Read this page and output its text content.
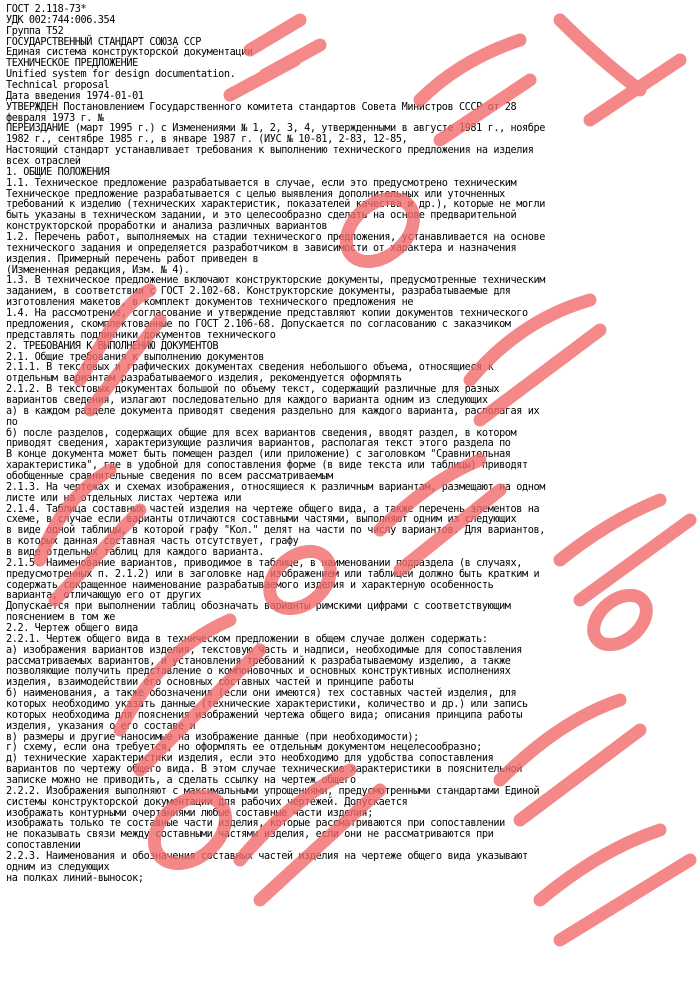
ГОСТ 2.118-73*
УДК 002:744:006.354
Группа Т52
ГОСУДАРСТВЕННЫЙ СТАНДАРТ СОЮЗА ССР
Единая система конструкторской документации
ТЕХНИЧЕСКОЕ ПРЕДЛОЖЕНИЕ
Unified system for design documentation.
Technical proposal
Дата введения 1974-01-01
УТВЕРЖДЕН Постановлением Государственного комитета стандартов Совета Министров СССР от 28
февраля 1973 г. №
ПЕРЕИЗДАНИЕ (март 1995 г.) с Изменениями № 1, 2, 3, 4, утвержденными в августе 1981 г., ноябре
1982 г., сентябре 1985 г., в январе 1987 г. (ИУС № 10-81, 2-83, 12-85,
Настоящий стандарт устанавливает требования к выполнению технического предложения на изделия
всех отраслей
1. ОБЩИЕ ПОЛОЖЕНИЯ
1.1. Техническое предложение разрабатывается в случае, если это предусмотрено техническим
Техническое предложение разрабатывается с целью выявления дополнительных или уточненных
требований к изделию (технических характеристик, показателей качества и др.), которые не могли
быть указаны в техническом задании, и это целесообразно сделать на основе предварительной
конструкторской проработки и анализа различных вариантов
1.2. Перечень работ, выполняемых на стадии технического предложения, устанавливается на основе
технического задания и определяется разработчиком в зависимости от характера и назначения
изделия. Примерный перечень работ приведен в
(Измененная редакция, Изм. № 4).
1.3. В техническое предложение включают конструкторские документы, предусмотренные техническим
заданием, в соответствии с ГОСТ 2.102-68. Конструкторские документы, разрабатываемые для
изготовления макетов, в комплект документов технического предложения не
1.4. На рассмотрение, согласование и утверждение представляют копии документов технического
предложения, скомплектованные по ГОСТ 2.106-68. Допускается по согласованию с заказчиком
представлять подлинники документов технического
2. ТРЕБОВАНИЯ К ВЫПОЛНЕНИЮ ДОКУМЕНТОВ
2.1. Общие требования к выполнению документов
2.1.1. В текстовых и графических документах сведения небольшого объема, относящиеся к
отдельным вариантам разрабатываемого изделия, рекомендуется оформлять
2.1.2. В текстовых документах большой по объему текст, содержащий различные для разных
вариантов сведения, излагают последовательно для каждого варианта одним из следующих
а) в каждом разделе документа приводят сведения раздельно для каждого варианта, располагая их
по
б) после разделов, содержащих общие для всех вариантов сведения, вводят раздел, в котором
приводят сведения, характеризующие различия вариантов, располагая текст этого раздела по
В конце документа может быть помещен раздел (или приложение) с заголовком "Сравнительная
характеристика", где в удобной для сопоставления форме (в виде текста или таблицы) приводят
обобщенные сравнительные сведения по всем рассматриваемым
2.1.3. На чертежах и схемах изображения, относящиеся к различным вариантам, размещают на одном
листе или на отдельных листах чертежа или
2.1.4. Таблица составных частей изделия на чертеже общего вида, а также перечень элементов на
схеме, в случае если варианты отличаются составными частями, выполняют одним из следующих
в виде одной таблицы, в которой графу "Кол." делят на части по числу вариантов. Для вариантов,
в которых данная составная часть отсутствует, графу
в виде отдельных таблиц для каждого варианта.
2.1.5. Наименование вариантов, приводимое в таблице, в наименовании подраздела (в случаях,
предусмотренных п. 2.1.2) или в заголовке над изображением или таблицей должно быть кратким и
содержать сокращенное наименование разрабатываемого изделия и характерную особенность
варианта, отличающую его от других
Допускается при выполнении таблиц обозначать варианты римскими цифрами с соответствующим
пояснением в том же
2.2. Чертеж общего вида
2.2.1. Чертеж общего вида в техническом предложении в общем случае должен содержать:
а) изображения вариантов изделия, текстовую часть и надписи, необходимые для сопоставления
рассматриваемых вариантов, и установления требований к разрабатываемому изделию, а также
позволяющие получить представление о компоновочных и основных конструктивных исполнениях
изделия, взаимодействии его основных составных частей и принципе работы
б) наименования, а также обозначения (если они имеются) тех составных частей изделия, для
которых необходимо указать данные (технические характеристики, количество и др.) или запись
которых необходима для пояснения изображений чертежа общего вида; описания принципа работы
изделия, указания о его составе и
в) размеры и другие наносимые на изображение данные (при необходимости);
г) схему, если она требуется, но оформлять ее отдельным документом нецелесообразно;
д) технические характеристики изделия, если это необходимо для удобства сопоставления
вариантов по чертежу общего вида. В этом случае технические характеристики в пояснительной
записке можно не приводить, а сделать ссылку на чертеж общего
2.2.2. Изображения выполняют с максимальными упрощениями, предусмотренными стандартами Единой
системы конструкторской документации для рабочих чертежей. Допускается
изображать контурными очертаниями любые составные части изделия;
изображать только те составные части изделия, которые рассматриваются при сопоставлении
не показывать связи между составными частями изделия, если они не рассматриваются при
сопоставлении
2.2.3. Наименования и обозначения составных частей изделия на чертеже общего вида указывают
одним из следующих
на полках линий-выносок;
